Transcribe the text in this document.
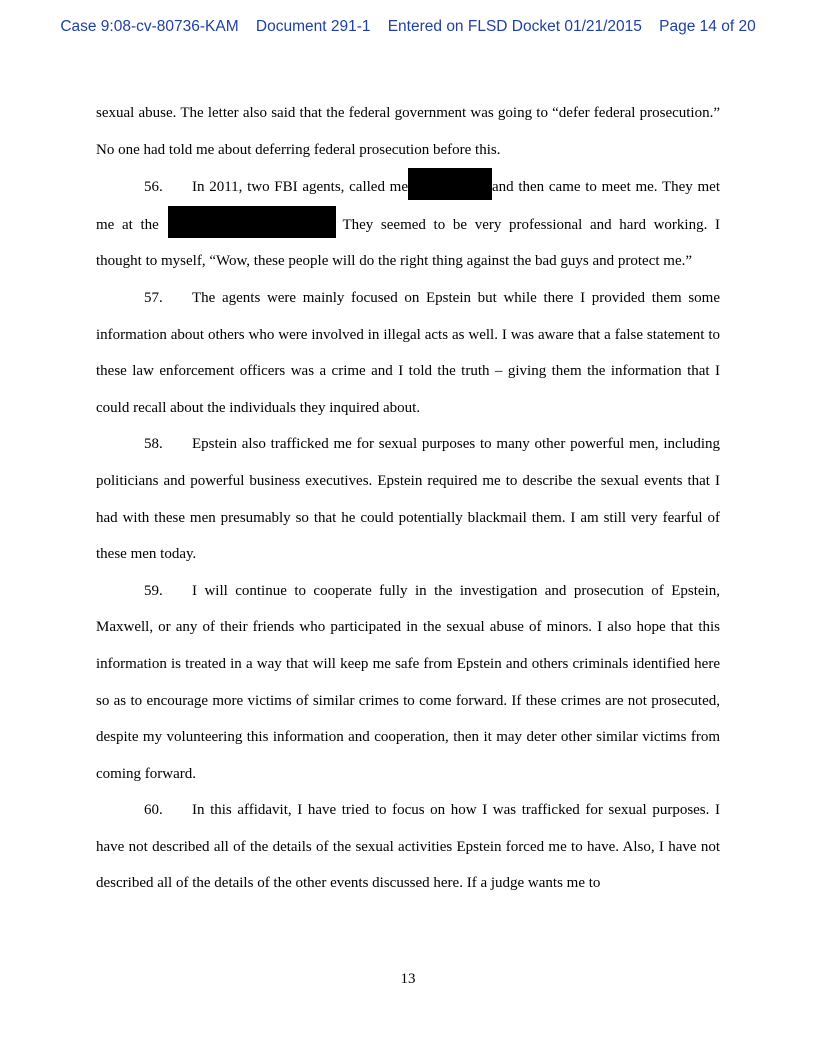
Case 9:08-cv-80736-KAM Document 291-1 Entered on FLSD Docket 01/21/2015 Page 14 of 20

sexual abuse. The letter also said that the federal government was going to “defer federal prosecution.” No one had told me about deferring federal prosecution before this.

56. In 2011, two FBI agents, called me	and then came to meet me. They met me at the	They seemed to be very professional and hard working. I thought to myself, “Wow, these people will do the right thing against the bad guys and protect me.”

57. The agents were mainly focused on Epstein but while there I provided them some information about others who were involved in illegal acts as well. I was aware that a false statement to these law enforcement officers was a crime and I told the truth – giving them the information that I could recall about the individuals they inquired about.

58. Epstein also trafficked me for sexual purposes to many other powerful men, including politicians and powerful business executives. Epstein required me to describe the sexual events that I had with these men presumably so that he could potentially blackmail them. I am still very fearful of these men today.

59. I will continue to cooperate fully in the investigation and prosecution of Epstein, Maxwell, or any of their friends who participated in the sexual abuse of minors. I also hope that this information is treated in a way that will keep me safe from Epstein and others criminals identified here so as to encourage more victims of similar crimes to come forward. If these crimes are not prosecuted, despite my volunteering this information and cooperation, then it may deter other similar victims from coming forward.

60. In this affidavit, I have tried to focus on how I was trafficked for sexual purposes. I have not described all of the details of the sexual activities Epstein forced me to have. Also, I have not described all of the details of the other events discussed here. If a judge wants me to

13
